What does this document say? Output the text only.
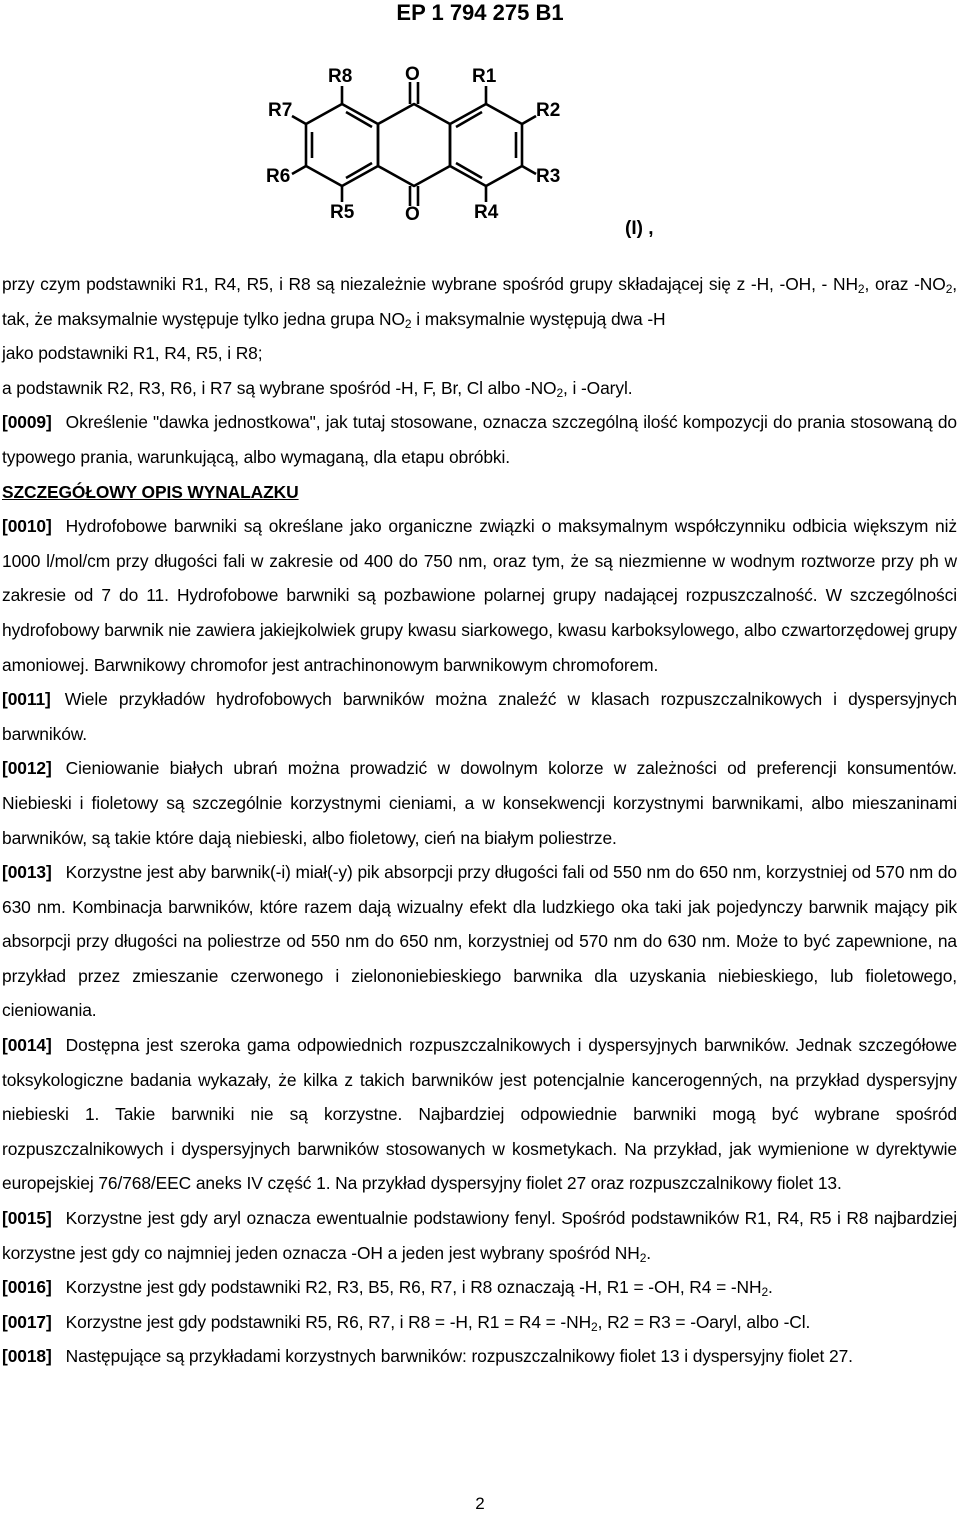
EP 1 794 275 B1
R8	O	R1
R7	R2
R6	R3
R5	O	R4
(I) ,

przy czym podstawniki R1, R4, R5, i R8 są niezależnie wybrane spośród grupy składającej się z -H, -OH, - $NH_2$, oraz $-NO_2$, tak, że maksymalnie występuje tylko jedna grupa $NO_2$ i maksymalnie występują dwa -H

jako podstawniki R1, R4, R5, i R8;

a podstawnik R2, R3, R6, i R7 są wybrane spośród -H, F, Br, Cl albo $-NO_2$, i -Oaryl.

[0009] Określenie "dawka jednostkowa", jak tutaj stosowane, oznacza szczególną ilość kompozycji do prania stosowaną do typowego prania, warunkującą, albo wymaganą, dla etapu obróbki.

SZCZEGÓŁOWY OPIS WYNALAZKU

[0010] Hydrofobowe barwniki są określane jako organiczne związki o maksymalnym współczynniku odbicia większym niż 1000 l/mol/cm przy długości fali w zakresie od 400 do 750 nm, oraz tym, że są niezmienne w wodnym roztworze przy ph w zakresie od 7 do 11. Hydrofobowe barwniki są pozbawione polarnej grupy nadającej rozpuszczalność. W szczególności hydrofobowy barwnik nie zawiera jakiejkolwiek grupy kwasu siarkowego, kwasu karboksylowego, albo czwartorzędowej grupy amoniowej. Barwnikowy chromofor jest antrachinonowym barwnikowym chromoforem.

[0011] Wiele przykładów hydrofobowych barwników można znaleźć w klasach rozpuszczalnikowych i dyspersyjnych barwników.

[0012] Cieniowanie białych ubrań można prowadzić w dowolnym kolorze w zależności od preferencji konsumentów. Niebieski i fioletowy są szczególnie korzystnymi cieniami, a w konsekwencji korzystnymi barwnikami, albo mieszaninami barwników, są takie które dają niebieski, albo fioletowy, cień na białym poliestrze.

[0013] Korzystne jest aby barwnik(-i) miał(-y) pik absorpcji przy długości fali od 550 nm do 650 nm, korzystniej od 570 nm do 630 nm. Kombinacja barwników, które razem dają wizualny efekt dla ludzkiego oka taki jak pojedynczy barwnik mający pik absorpcji przy długości na poliestrze od 550 nm do 650 nm, korzystniej od 570 nm do 630 nm. Może to być zapewnione, na przykład przez zmieszanie czerwonego i zielononiebieskiego barwnika dla uzyskania niebieskiego, lub fioletowego, cieniowania.

[0014] Dostępna jest szeroka gama odpowiednich rozpuszczalnikowych i dyspersyjnych barwników. Jednak szczegółowe toksykologiczne badania wykazały, że kilka z takich barwników jest potencjalnie kancerogenných, na przykład dyspersyjny niebieski 1. Takie barwniki nie są korzystne. Najbardziej odpowiednie barwniki mogą być wybrane spośród rozpuszczalnikowych i dyspersyjnych barwników stosowanych w kosmetykach. Na przykład, jak wymienione w dyrektywie europejskiej 76/768/EEC aneks IV część 1. Na przykład dyspersyjny fiolet 27 oraz rozpuszczalnikowy fiolet 13.

[0015] Korzystne jest gdy aryl oznacza ewentualnie podstawiony fenyl. Spośród podstawników R1, R4, R5 i R8 najbardziej korzystne jest gdy co najmniej jeden oznacza -OH a jeden jest wybrany spośród $NH_2$.

[0016] Korzystne jest gdy podstawniki R2, R3, B5, R6, R7, i R8 oznaczają -H, R1 = -OH, $R4 = -NH_2$.

[0017] Korzystne jest gdy podstawniki R5, R6, R7, i R8 = -H, $R1 = R4 = -NH_2$, R2 = R3 = -Oaryl, albo -Cl.

[0018] Następujące są przykładami korzystnych barwników: rozpuszczalnikowy fiolet 13 i dyspersyjny fiolet 27.

2
